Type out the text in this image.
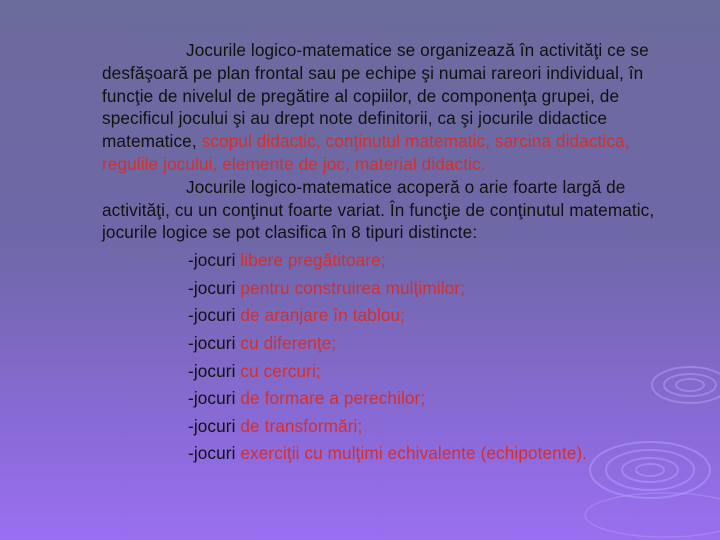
Jocurile logico-matematice se organizează în activităţi ce se desfăşoară pe plan frontal sau pe echipe şi numai rareori individual, în funcţie de nivelul de pregătire al copiilor, de componenţa grupei, de specificul jocului şi au drept note definitorii, ca şi jocurile didactice matematice, scopul didactic, conţinutul matematic, sarcina didactica, regulile jocului, elemente de joc, material didactic.

Jocurile logico-matematice acoperă o arie foarte largă de activităţi, cu un conţinut foarte variat. În funcţie de conţinutul matematic, jocurile logice se pot clasifica în 8 tipuri distincte:

-jocuri libere pregătitoare;
-jocuri pentru construirea mulţimilor;
-jocuri de aranjare în tablou;
-jocuri cu diferenţe;
-jocuri cu cercuri;
-jocuri de formare a perechilor;
-jocuri de transformări;
-jocuri exerciţii cu mulţimi echivalente (echipotente).
